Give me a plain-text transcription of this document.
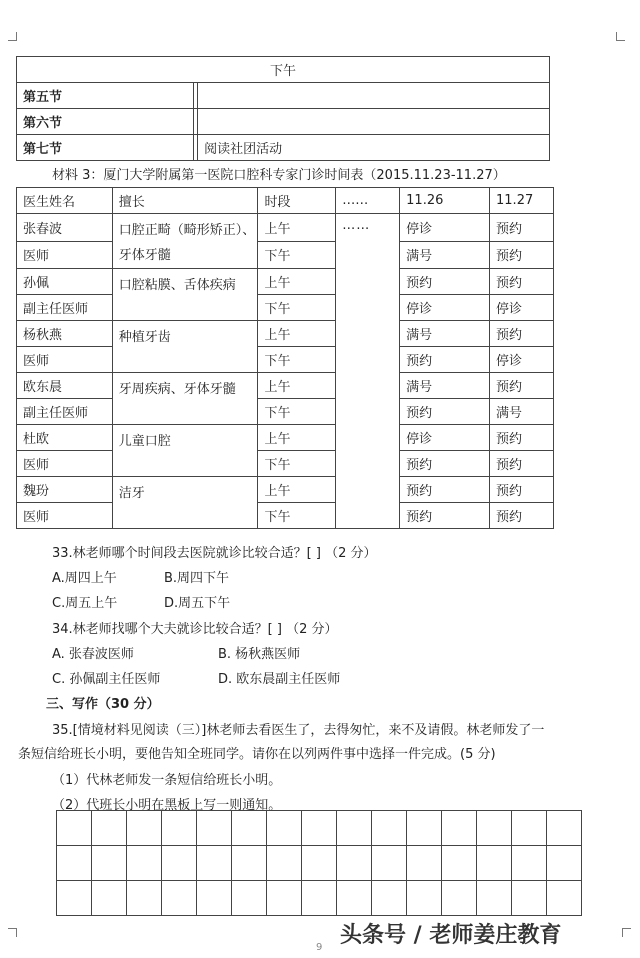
下午		
第五节		
第六节		
第七节		阅读社团活动
材料 3：厦门大学附属第一医院口腔科专家门诊时间表（2015.11.23-11.27）
医生姓名	擅长	时段	……	11.26	11.27
张春波	口腔正畸（畸形矫正）、牙体牙髓	上午	……	停诊	预约
医师		下午		满号	预约
孙佩	口腔粘膜、舌体疾病	上午		预约	预约
副主任医师		下午		停诊	停诊
杨秋燕	种植牙齿	上午		满号	预约
医师		下午		预约	停诊
欧东晨	牙周疾病、牙体牙髓	上午		满号	预约
副主任医师		下午		预约	满号
杜欧	儿童口腔	上午		停诊	预约
医师		下午		预约	预约
魏玢	洁牙	上午		预约	预约
医师		下午		预约	预约
33.林老师哪个时间段去医院就诊比较合适？[ ] （2 分）
A.周四上午	B.周四下午
C.周五上午	D.周五下午
34.林老师找哪个大夫就诊比较合适？[ ] （2 分）
A. 张春波医师	B. 杨秋燕医师
C. 孙佩副主任医师	D. 欧东晨副主任医师
三、写作（30 分）
35.[情境材料见阅读（三）]林老师去看医生了，去得匆忙，来不及请假。林老师发了一
条短信给班长小明，要他告知全班同学。请你在以列两件事中选择一件完成。(5 分)
（1）代林老师发一条短信给班长小明。
（2）代班长小明在黑板上写一则通知。

头条号 / 老师姜庄教育
9
